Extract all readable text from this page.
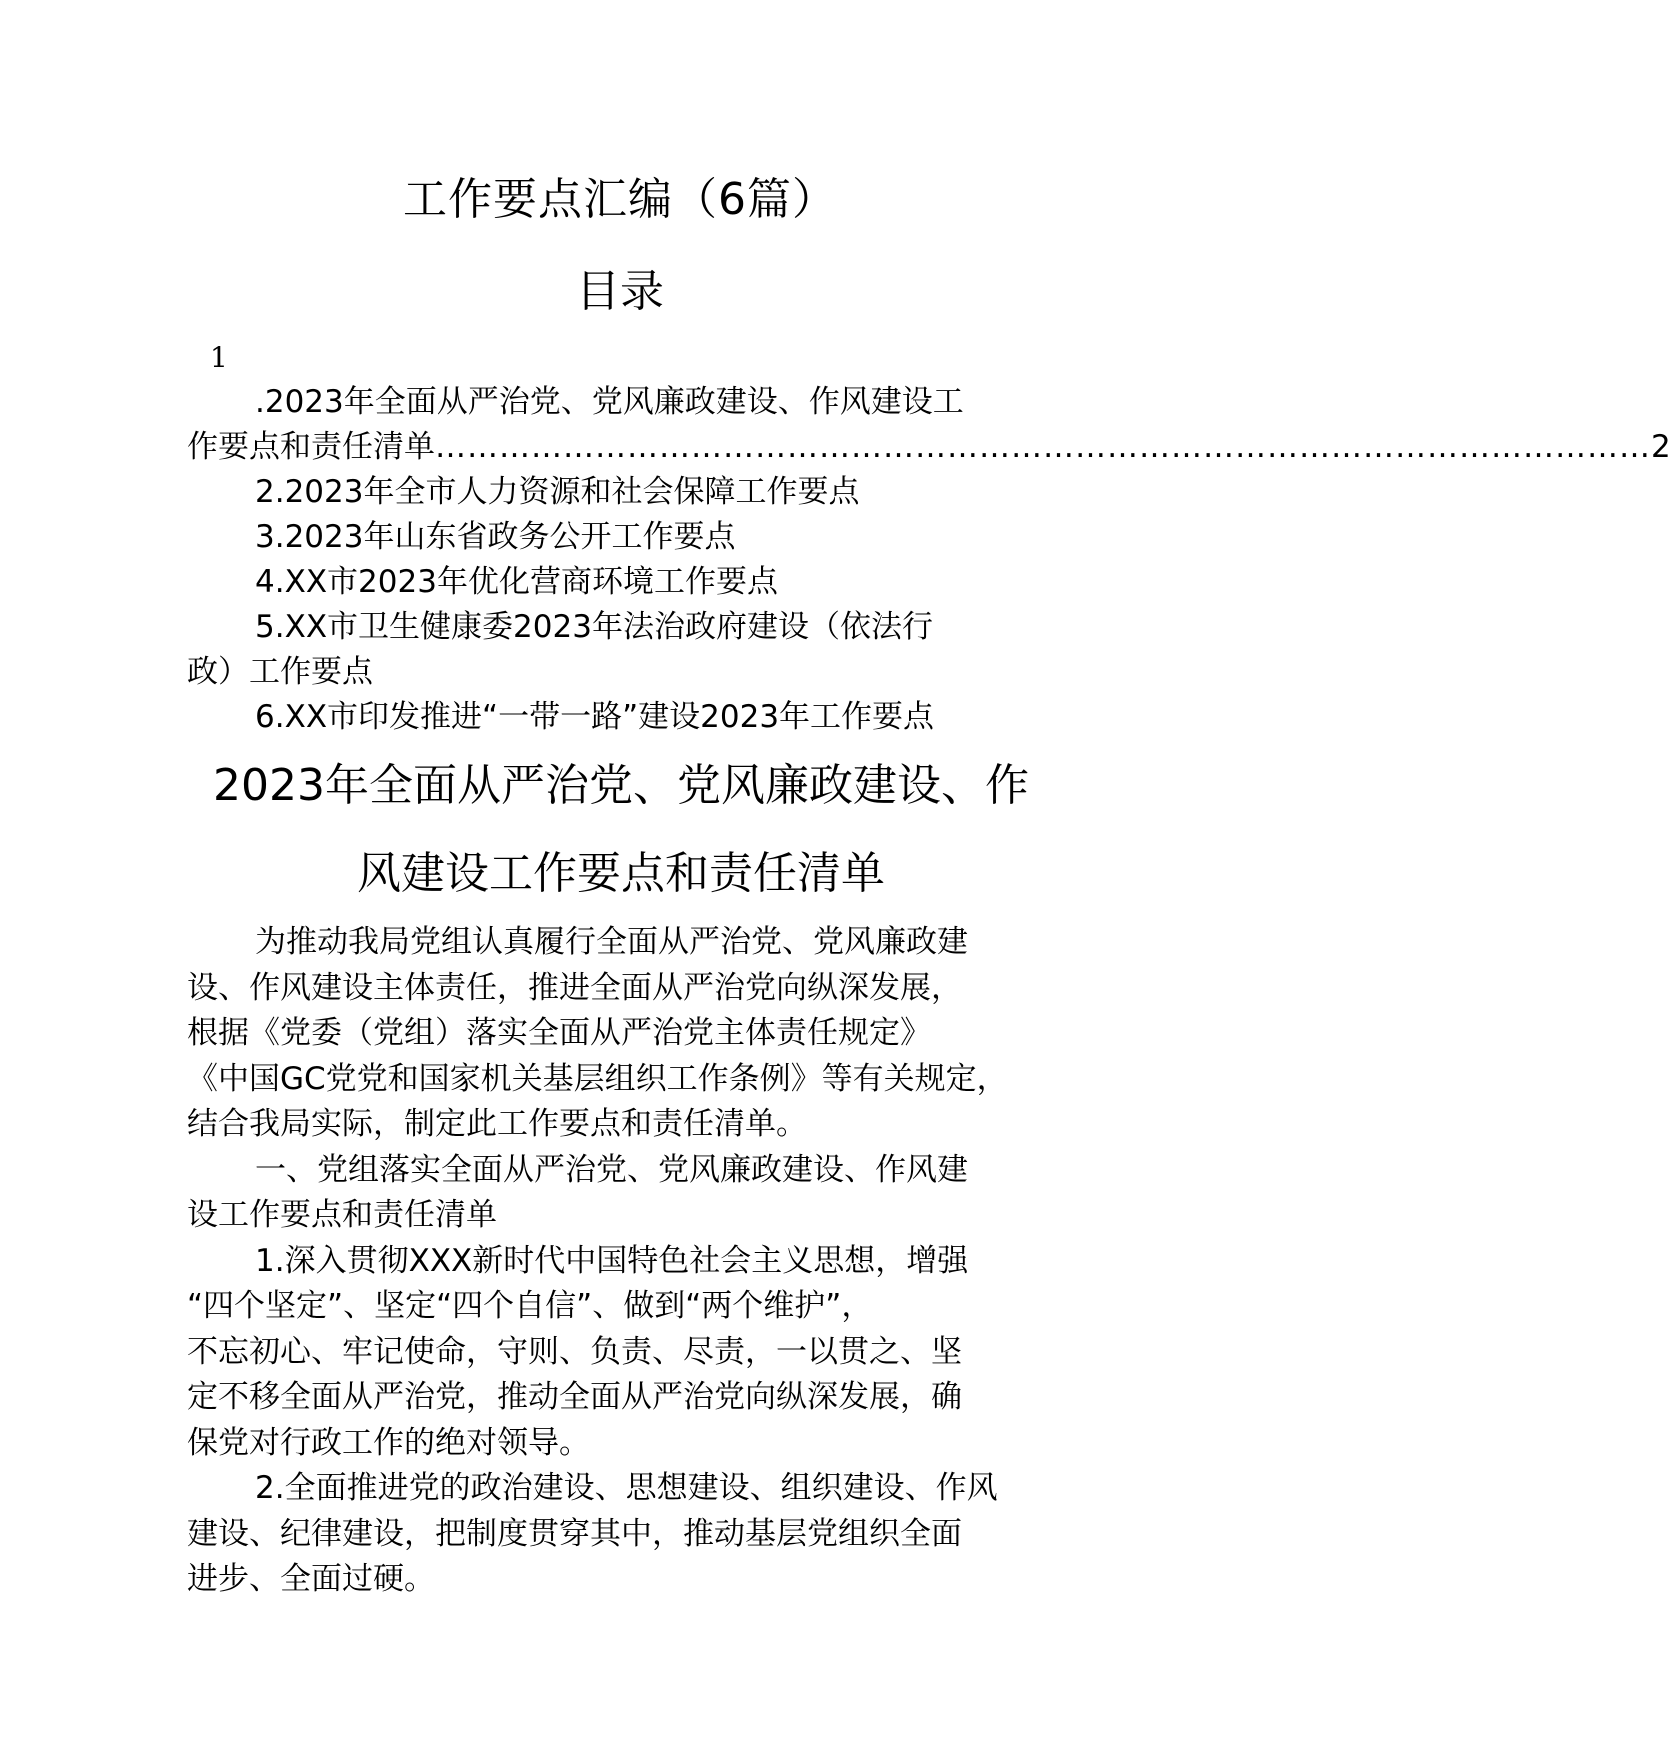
工作要点汇编（6篇）
目录
1
.2023年全面从严治党、党风廉政建设、作风建设工
作要点和责任清单 …………………………………………………………………………………………………… 2
2.2023年全市人力资源和社会保障工作要点
3.2023年山东省政务公开工作要点
4.XX市2023年优化营商环境工作要点
5.XX市卫生健康委2023年法治政府建设（依法行
政）工作要点
6.XX市印发推进“一带一路”建设2023年工作要点
2023年全面从严治党、党风廉政建设、作
风建设工作要点和责任清单
为推动我局党组认真履行全面从严治党、党风廉政建
设、作风建设主体责任，推进全面从严治党向纵深发展，
根据《党委（党组）落实全面从严治党主体责任规定》
《中国GC党党和国家机关基层组织工作条例》等有关规定，
结合我局实际，制定此工作要点和责任清单。
一、党组落实全面从严治党、党风廉政建设、作风建
设工作要点和责任清单
1.深入贯彻XXX新时代中国特色社会主义思想，增强
“四个坚定”、坚定“四个自信”、做到“两个维护”，
不忘初心、牢记使命，守则、负责、尽责，一以贯之、坚
定不移全面从严治党，推动全面从严治党向纵深发展，确
保党对行政工作的绝对领导。
2.全面推进党的政治建设、思想建设、组织建设、作风
建设、纪律建设，把制度贯穿其中，推动基层党组织全面
进步、全面过硬。
